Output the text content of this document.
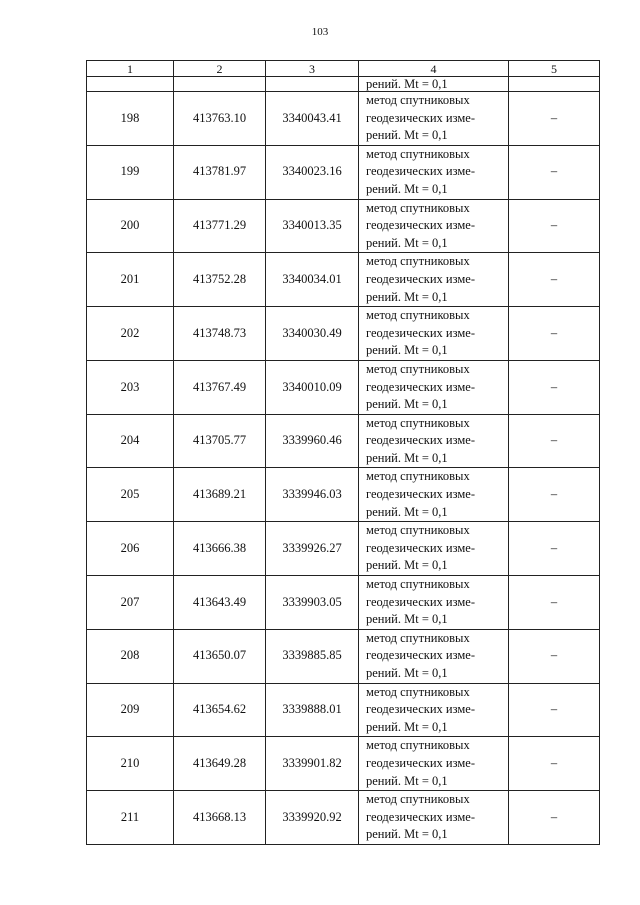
103
1	2	3	4	5
			рений. Mt = 0,1	
198	413763.10	3340043.41	метод спутниковых
геодезических изме-
рений. Mt = 0,1	–
199	413781.97	3340023.16	метод спутниковых
геодезических изме-
рений. Mt = 0,1	–
200	413771.29	3340013.35	метод спутниковых
геодезических изме-
рений. Mt = 0,1	–
201	413752.28	3340034.01	метод спутниковых
геодезических изме-
рений. Mt = 0,1	–
202	413748.73	3340030.49	метод спутниковых
геодезических изме-
рений. Mt = 0,1	–
203	413767.49	3340010.09	метод спутниковых
геодезических изме-
рений. Mt = 0,1	–
204	413705.77	3339960.46	метод спутниковых
геодезических изме-
рений. Mt = 0,1	–
205	413689.21	3339946.03	метод спутниковых
геодезических изме-
рений. Mt = 0,1	–
206	413666.38	3339926.27	метод спутниковых
геодезических изме-
рений. Mt = 0,1	–
207	413643.49	3339903.05	метод спутниковых
геодезических изме-
рений. Mt = 0,1	–
208	413650.07	3339885.85	метод спутниковых
геодезических изме-
рений. Mt = 0,1	–
209	413654.62	3339888.01	метод спутниковых
геодезических изме-
рений. Mt = 0,1	–
210	413649.28	3339901.82	метод спутниковых
геодезических изме-
рений. Mt = 0,1	–
211	413668.13	3339920.92	метод спутниковых
геодезических изме-
рений. Mt = 0,1	–
